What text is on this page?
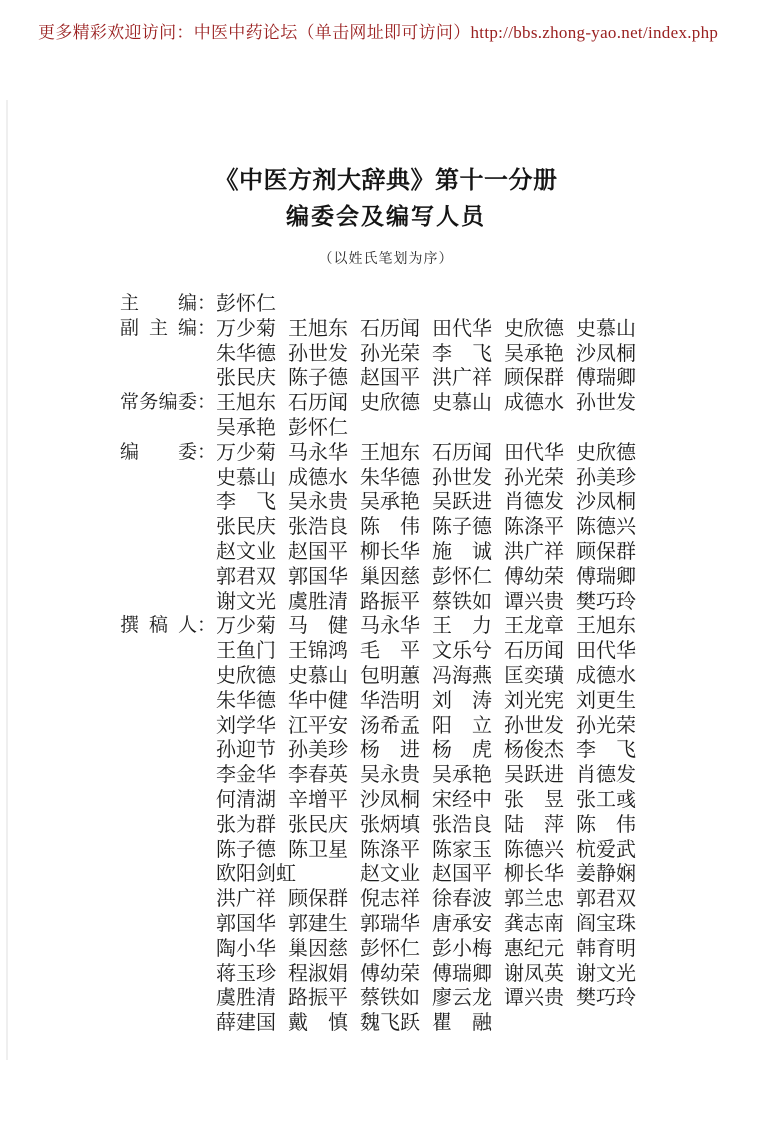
更多精彩欢迎访问：中医中药论坛（单击网址即可访问）http://bbs.zhong-yao.net/index.php
《中医方剂大辞典》第十一分册
编委会及编写人员
（以姓氏笔划为序）
主 编 ： 彭怀仁
副 主 编 ： 万少菊 王旭东 石历闻 田代华 史欣德 史慕山
朱华德 孙世发 孙光荣 李　飞 吴承艳 沙凤桐
张民庆 陈子德 赵国平 洪广祥 顾保群 傅瑞卿
常 务 编 委 ： 王旭东 石历闻 史欣德 史慕山 成德水 孙世发
吴承艳 彭怀仁
编 委 ： 万少菊 马永华 王旭东 石历闻 田代华 史欣德
史慕山 成德水 朱华德 孙世发 孙光荣 孙美珍
李　飞 吴永贵 吴承艳 吴跃进 肖德发 沙凤桐
张民庆 张浩良 陈　伟 陈子德 陈涤平 陈德兴
赵文业 赵国平 柳长华 施　诚 洪广祥 顾保群
郭君双 郭国华 巢因慈 彭怀仁 傅幼荣 傅瑞卿
谢文光 虞胜清 路振平 蔡铁如 谭兴贵 樊巧玲
撰 稿 人 ： 万少菊 马　健 马永华 王　力 王龙章 王旭东
王鱼门 王锦鸿 毛　平 文乐兮 石历闻 田代华
史欣德 史慕山 包明蕙 冯海燕 匡奕璜 成德水
朱华德 华中健 华浩明 刘　涛 刘光宪 刘更生
刘学华 江平安 汤希孟 阳　立 孙世发 孙光荣
孙迎节 孙美珍 杨　进 杨　虎 杨俊杰 李　飞
李金华 李春英 吴永贵 吴承艳 吴跃进 肖德发
何清湖 辛增平 沙凤桐 宋经中 张　昱 张工彧
张为群 张民庆 张炳填 张浩良 陆　萍 陈　伟
陈子德 陈卫星 陈涤平 陈家玉 陈德兴 杭爱武
欧阳剑虹	赵文业 赵国平 柳长华 姜静娴
洪广祥 顾保群 倪志祥 徐春波 郭兰忠 郭君双
郭国华 郭建生 郭瑞华 唐承安 龚志南 阎宝珠
陶小华 巢因慈 彭怀仁 彭小梅 惠纪元 韩育明
蒋玉珍 程淑娟 傅幼荣 傅瑞卿 谢凤英 谢文光
虞胜清 路振平 蔡铁如 廖云龙 谭兴贵 樊巧玲
薛建国 戴　慎 魏飞跃 瞿　融
